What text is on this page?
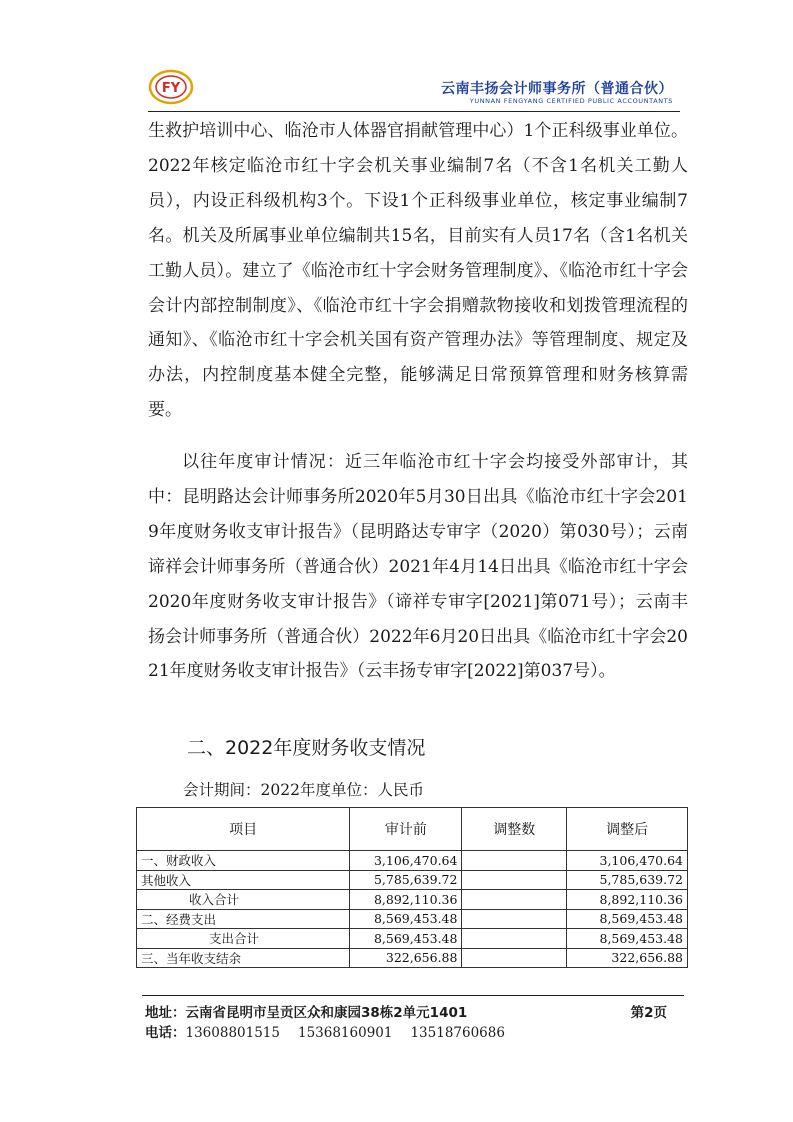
FY	云南丰扬会计师事务所（普通合伙）
YUNNAN FENGYANG CERTIFIED PUBLIC ACCOUNTANTS
生救护培训中心、临沧市人体器官捐献管理中心）1个正科级事业单位。2022年核定临沧市红十字会机关事业编制7名（不含1名机关工勤人员），内设正科级机构3个。下设1个正科级事业单位，核定事业编制7名。机关及所属事业单位编制共15名，目前实有人员17名（含1名机关工勤人员）。建立了《临沧市红十字会财务管理制度》、《临沧市红十字会会计内部控制制度》、《临沧市红十字会捐赠款物接收和划拨管理流程的通知》、《临沧市红十字会机关国有资产管理办法》等管理制度、规定及办法，内控制度基本健全完整，能够满足日常预算管理和财务核算需要。
以往年度审计情况：近三年临沧市红十字会均接受外部审计，其中：昆明路达会计师事务所2020年5月30日出具《临沧市红十字会2019年度财务收支审计报告》（昆明路达专审字（2020）第030号）；云南谛祥会计师事务所（普通合伙）2021年4月14日出具《临沧市红十字会2020年度财务收支审计报告》（谛祥专审字[2021]第071号）；云南丰扬会计师事务所（普通合伙）2022年6月20日出具《临沧市红十字会2021年度财务收支审计报告》（云丰扬专审字[2022]第037号）。
二、2022年度财务收支情况
会计期间：2022年度单位：人民币
项目	审计前	调整数	调整后
一、财政收入	3,106,470.64		3,106,470.64
其他收入	5,785,639.72		5,785,639.72
收入合计	8,892,110.36		8,892,110.36
二、经费支出	8,569,453.48		8,569,453.48
支出合计	8,569,453.48		8,569,453.48
三、当年收支结余	322,656.88		322,656.88
地址：云南省昆明市呈贡区众和康园38栋2单元1401	第2页
电话：13608801515 15368160901 13518760686
